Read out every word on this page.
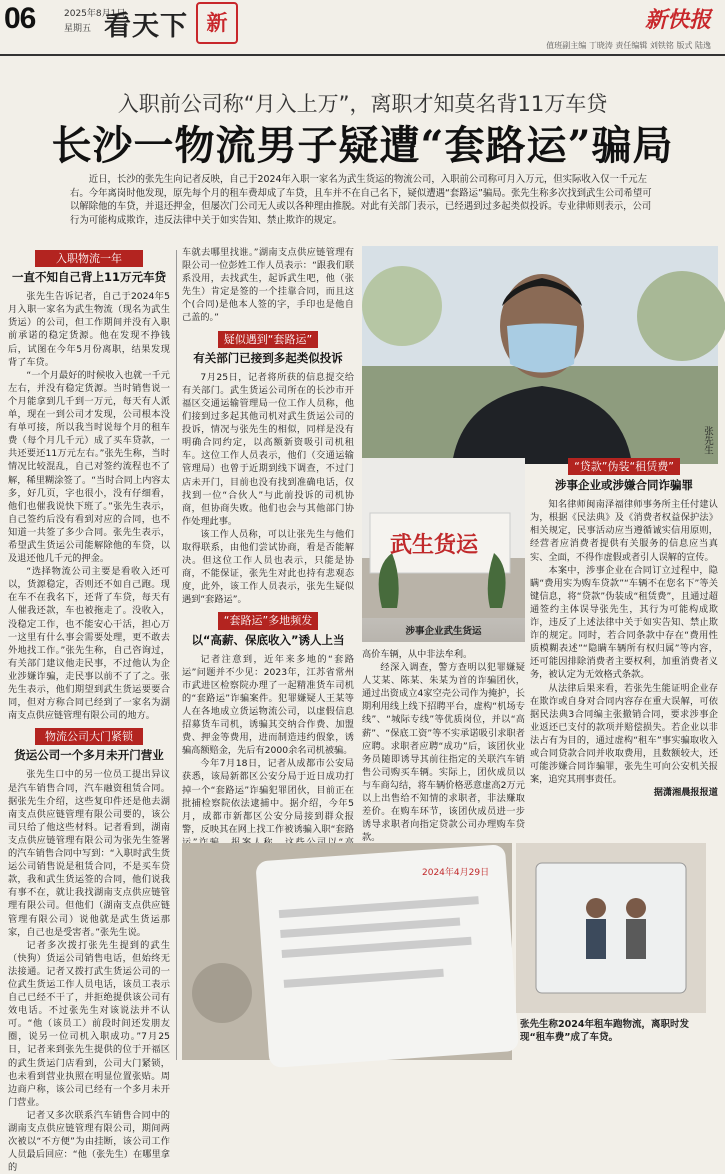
06	2025年8月1日
星期五 看天下 新	新快报
值班副主编 丁晓涛 责任编辑 刘铁铭 版式 陆逸
入职前公司称“月入上万”，离职才知莫名背11万车贷
长沙一物流男子疑遭“套路运”骗局
近日，长沙的张先生向记者反映，自己于2024年入职一家名为武生货运的物流公司，入职前公司称可月入万元，但实际收入仅一千元左右。今年离岗时他发现，原先每个月的租车费却成了车贷，且车并不在自己名下，疑似遭遇“套路运”骗局。张先生称多次找到武生公司希望可以解除他的车贷，并退还押金，但屡次门公司无人或以各种理由推脱。对此有关部门表示，已经遇到过多起类似投诉。专业律师则表示，公司行为可能构成欺诈，违反法律中关于如实告知、禁止欺诈的规定。
入职物流一年
一直不知自己背上11万元车贷

张先生告诉记者，自己于2024年5月入职一家名为武生物流（现名为武生货运）的公司，但工作期间并没有入职前承诺的稳定货源。他在发现不挣钱后，试图在今年5月份离职，结果发现背了车贷。

“一个月最好的时候收入也就一千元左右，并没有稳定货源。当时销售说一个月能拿到几千到一万元，每天有人派单，现在一到公司才发现，公司根本没有单可接，所以我当时说每个月的租车费（每个月几千元）成了买车贷款，一共还要还11万元左右。”张先生称，当时情况比较混乱，自己对签约流程也不了解，稀里糊涂签了。“当时合同上内容太多，好几页，字也很小，没有仔细看，他们也催我说快下班了。”张先生表示，自己签约后没有看到对应的合同，也不知道一共签了多少合同。张先生表示，希望武生货运公司能解除他的车贷，以及退还他几千元的押金。

“选择物流公司主要是看收入还可以，货源稳定，否则还不如自己跑。现在车不在我名下，还背了车贷，每天有人催我还款，车也被拖走了。没收入，没稳定工作，也不能安心干活，担心万一这里有什么事会需要处理，更不敢去外地找工作。”张先生称，自己咨询过，有关部门建议他走民事，不过他认为企业涉嫌诈骗，走民事以前不了了之。张先生表示，他们期望到武生货运要要合同，但对方称合同已经到了一家名为湖南支点供应链管理有限公司的地方。

物流公司大门紧锁
货运公司一个多月未开门营业

张先生口中的另一位员工提出异议是汽车销售合同，汽车融资租赁合同。据张先生介绍，这些复印件还是他去湖南支点供应链管理有限公司要的，该公司只给了他这些材料。记者看到，湖南支点供应链管理有限公司为张先生签署的汽车销售合同中写到：“入职时武生货运公司销售说是租赁合同，不是买车贷款，我和武生货运签的合同，他们说我有事不在，就让我找湖南支点供应链管理有限公司。但他们（湖南支点供应链管理有限公司）说他就是武生货运那家，自己也是受害者。”张先生说。

记者多次拨打张先生提到的武生（快狗）货运公司销售电话，但始终无法接通。记者又拨打武生货运公司的一位武生货运工作人员电话，该员工表示自己已经不干了，并拒绝提供该公司有效电话。不过张先生对该说法并不认可。“他（该员工）前段时间还发朋友圈，说另一位司机入职成功。”7月25日，记者来到张先生提供的位于开福区的武生货运门店看到，公司大门紧锁，也未看到营业执照在明显位置张贴。周边商户称，该公司已经有一个多月未开门营业。

记者又多次联系汽车销售合同中的湖南支点供应链管理有限公司，期间两次被以“不方便”为由挂断，该公司工作人员最后回应：“他（张先生）在哪里拿的

车就去哪里找谁。”湖南支点供应链管理有限公司一位彭姓工作人员表示：“跟我们联系没用，去找武生，起诉武生吧，他（张先生）肯定是签的一个挂靠合同，而且这个(合同)是他本人签的字，手印也是他自己盖的。”

疑似遇到“套路运”
有关部门已接到多起类似投诉

7月25日，记者将所获的信息提交给有关部门。武生货运公司所在的长沙市开福区交通运输管理局一位工作人员称，他们接到过多起其他司机对武生货运公司的投诉，情况与张先生的相似，同样是没有明确合同约定，以高额新资吸引司机租车。这位工作人员表示，他们（交通运输管理局）也曾于近期到线下调查，不过门店未开门，目前也没有找到准确电话，仅找到一位“合伙人”与此前投诉的司机协商，但协商失败。他们也会与其他部门协作处理此事。

该工作人员称，可以让张先生与他们取得联系，由他们尝试协商，看是否能解决。但这位工作人员也表示，只能是协商，不能保证，张先生对此也持有悲观态度，此外，该工作人员表示，张先生疑似遇到“套路运”。

“套路运”多地频发
以“高薪、保底收入”诱人上当

记者注意到，近年来多地的“套路运”问题并不少见：2023年，江苏省常州市武进区检察院办理了一起精准货车司机的“套路运”诈骗案件。犯罪嫌疑人王某等人在各地成立货运物流公司，以虚假信息招募货车司机，诱骗其交纳合作费、加盟费、押金等费用，进而制造违约假象，诱骗高额赔金，先后有2000余名司机被骗。

今年7月18日，记者从成都市公安局获悉，该局新都区公安分局于近日成功打掉一个“套路运”诈骗犯罪团伙，目前正在批捕检察院依法逮捕中。据介绍，今年5月，成都市新都区公安分局接到群众报警，反映其在网上找工作被诱骗入职“套路

张先生
武生货运
涉事企业武生货运

高价车辆，从中非法牟利。

经深入调查，警方查明以犯罪嫌疑人艾某、陈某、朱某为首的诈骗团伙，通过出资成立4家空壳公司作为掩护，长期利用线上线下招聘平台，虚构“机场专线”、“城际专线”等优质岗位，并以“高薪”、“保底工资”等不实承诺吸引求职者应聘。求职者应聘“成功”后，该团伙业务员随即诱导其前往指定的关联汽车销售公司购买车辆。实际上，团伙成员以与车商勾结，将车辆价格恶意虚高2万元以上出售给不知情的求职者，非法赚取差价。在购车环节，该团伙成员进一步诱导求职者向指定贷款公司办理购车贷款。

“贷款”伪装“租赁费”
涉事企业或涉嫌合同诈骗罪

知名律师闽南泽福律师事务所主任付建认为，根据《民法典》及《消费者权益保护法》相关规定，民事活动应当遵循诚实信用原则，经营者应消费者提供有关服务的信息应当真实、全面，不得作虚假或者引人误解的宣传。

本案中，涉事企业在合同订立过程中，隐瞒“费用实为购车贷款”“车辆不在您名下”等关键信息，将“贷款”伪装成“租赁费”，且通过超通签约主体误导张先生，其行为可能构成欺诈，违反了上述法律中关于如实告知、禁止欺诈的规定。同时，若合同条款中存在“费用性质模糊表述”“隐瞒车辆所有权归属”等内容，还可能因排除消费者主要权利，加重消费者义务，被认定为无效格式条款。

从法律后果来看，若张先生能证明企业存在欺诈或自身对合同内容存在重大误解，可依据民法典3合同编主张撤销合同，要求涉事企业返还已支付的款项并赔偿损失。若企业以非法占有为目的，通过虚构“租车”事实骗取收入或合同贷款合同并收取费用，且数额较大，还可能涉嫌合同诈骗罪，张先生可向公安机关报案，追究其刑事责任。

据潇湘晨报报道
2024年4月29日
张先生称2024年租车跑物流，离职时发现“租车费”成了车贷。
